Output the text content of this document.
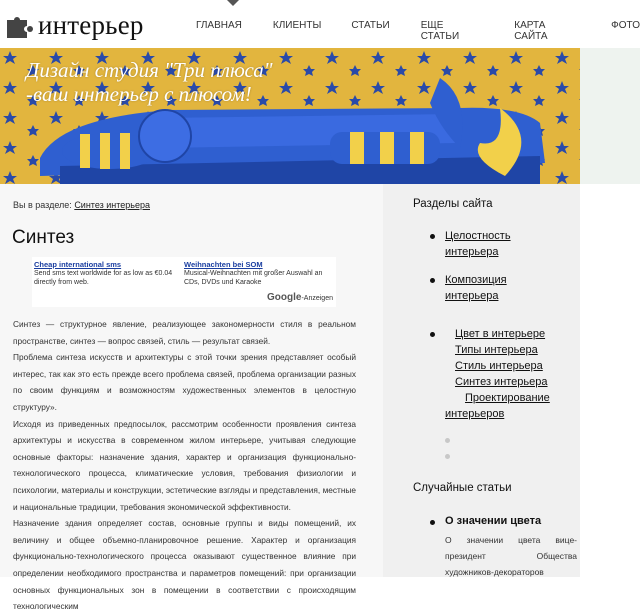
интерьер	ГЛАВНАЯ	КЛИЕНТЫ	СТАТЬИ	ЕЩЕ СТАТЬИ
КАРТА САЙТА
ФОТО
Дизайн студия "Три плюса"
-ваш интерьер с плюсом!
Вы в разделе: Синтез интерьера
Синтез
Cheap international sms
Send sms text worldwide for as low as €0.04 directly from web.
Weihnachten bei SOM
Musical-Weihnachten mit großer Auswahl an CDs, DVDs und Karaoke
Google-Anzeigen

Синтез — структурное явление, реализующее закономерности стиля в реальном пространстве, синтез — вопрос связей, стиль — результат связей.

Проблема синтеза искусств и архитектуры с этой точки зрения представляет особый интерес, так как это есть прежде всего проблема связей, проблема организации разных по своим функциям и возможностям художественных элементов в целостную структуру».

Исходя из приведенных предпосылок, рассмотрим особенности проявления синтеза архитектуры и искусства в современном жилом интерьере, учитывая следующие основные факторы: назначение здания, характер и организация функционально-технологического процесса, климатические условия, требования физиологии и психологии, материалы и конструкции, эстетические взгляды и представления, местные и национальные традиции, требования экономической эффективности.

Назначение здания определяет состав, основные группы и виды помещений, их величину и общее объемно-планировочное решение. Характер и организация функционально-технологического процесса оказывают существенное влияние при определении необходимого пространства и параметров помещений: при организации основных функциональных зон в помещении в соответствии с происходящим технологическим

Разделы сайта
Целостность интерьера
Композиция интерьера
Цвет в интерьере
Типы интерьера
Стиль интерьера
Синтез интерьера
Проектирование интерьеров
Случайные статьи
О значении цвета
О значении цвета вице-президент Общества художников-декораторов
